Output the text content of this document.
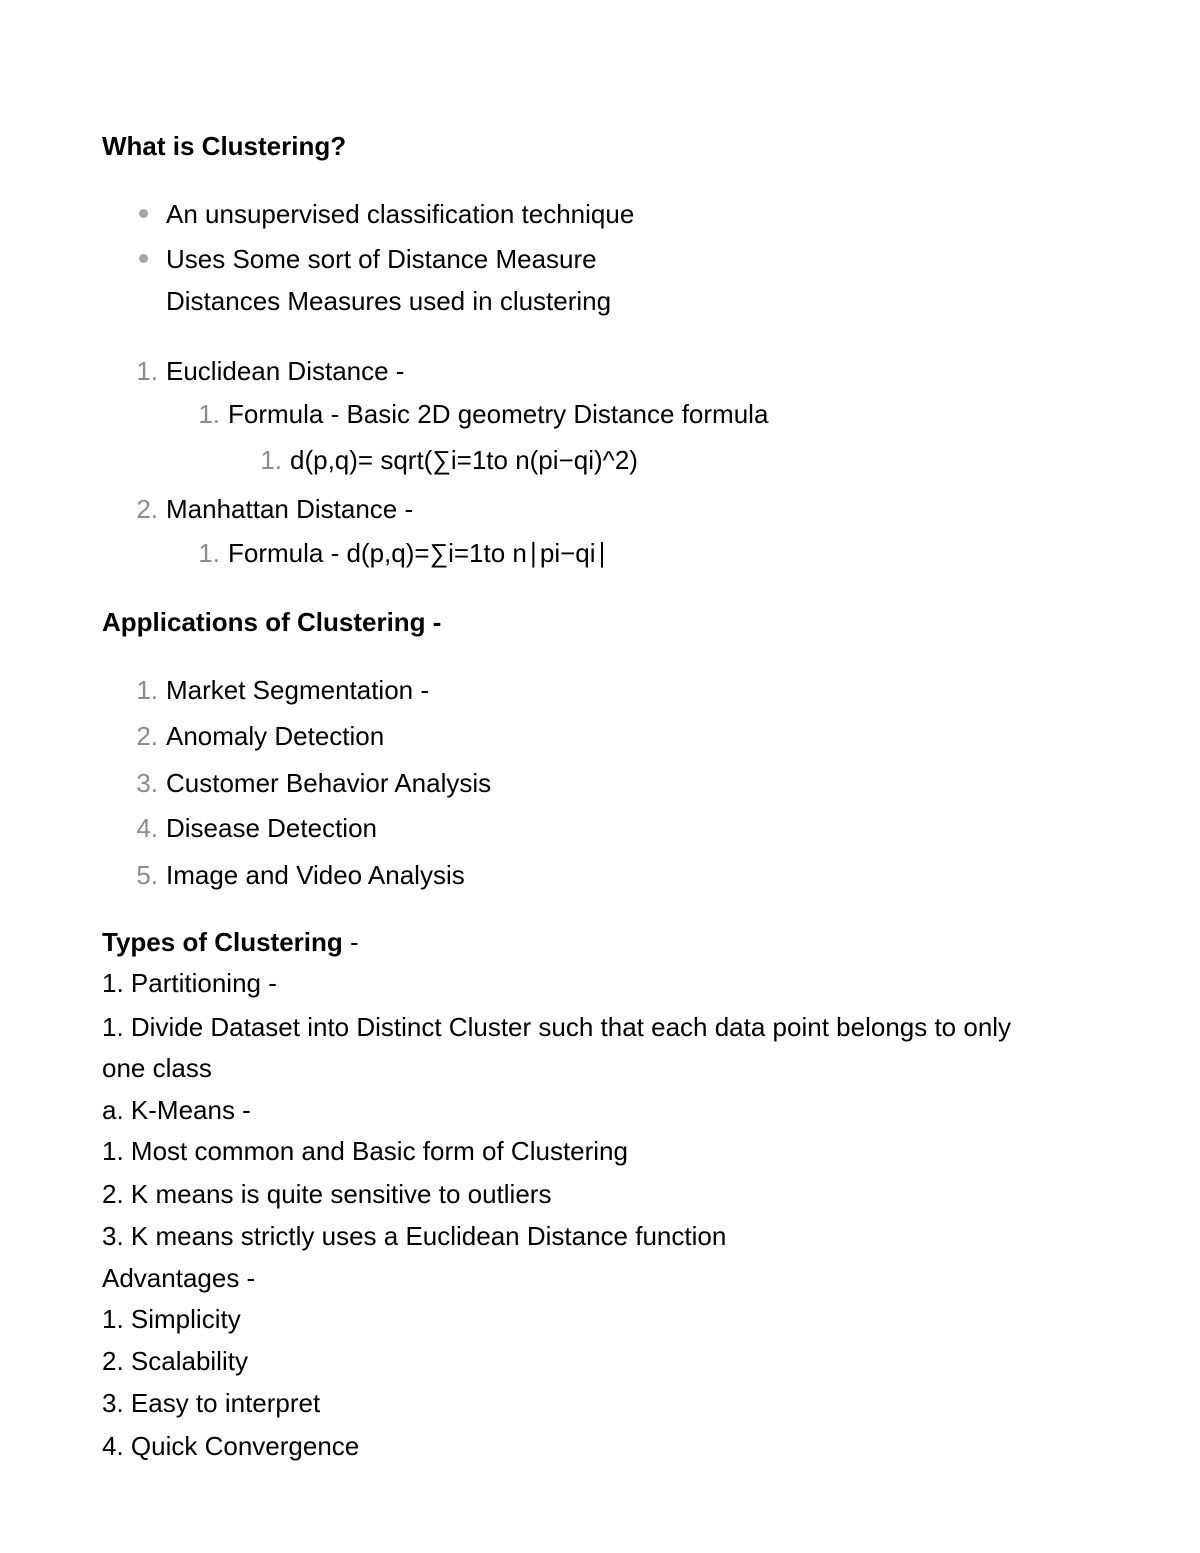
What is Clustering?
An unsupervised classification technique
Uses Some sort of Distance Measure
Distances Measures used in clustering
1. Euclidean Distance -
1. Formula - Basic 2D geometry Distance formula
1. d(p,q)= sqrt(∑i=1to n(pi−qi)^2)
2. Manhattan Distance -
1. Formula - d(p,q)=∑i=1to n∣pi−qi∣
Applications of Clustering -
1. Market Segmentation -
2. Anomaly Detection
3. Customer Behavior Analysis
4. Disease Detection
5. Image and Video Analysis
Types of Clustering -
1. Partitioning -
1. Divide Dataset into Distinct Cluster such that each data point belongs to only
one class
a. K-Means -
1. Most common and Basic form of Clustering
2. K means is quite sensitive to outliers
3. K means strictly uses a Euclidean Distance function
Advantages -
1. Simplicity
2. Scalability
3. Easy to interpret
4. Quick Convergence
